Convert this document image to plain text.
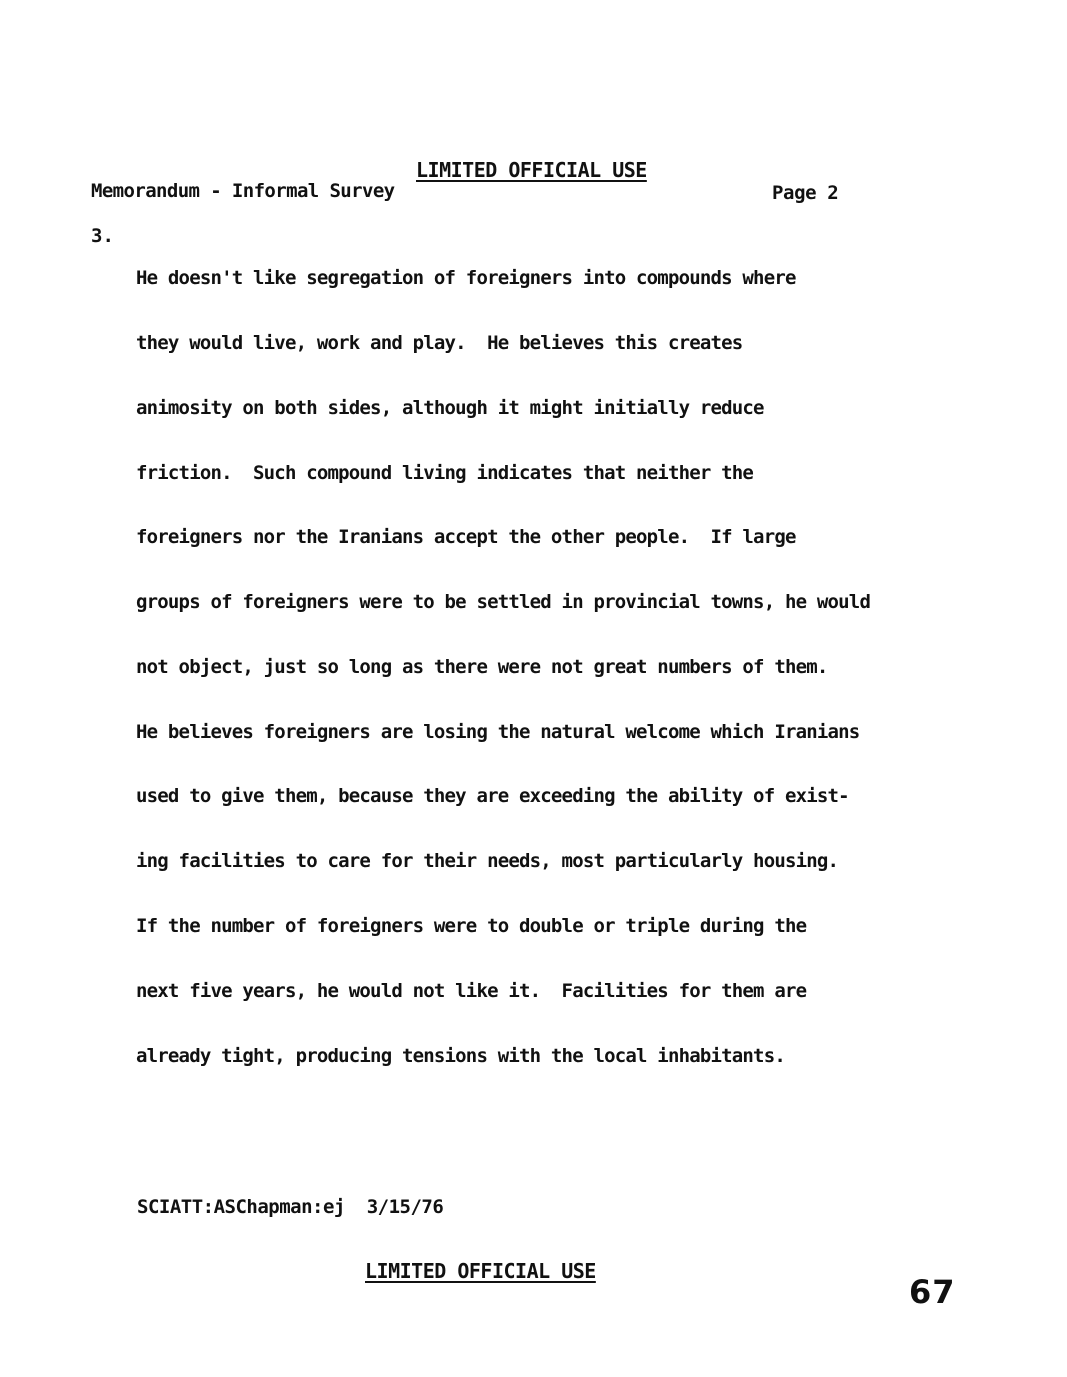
LIMITED OFFICIAL USE
Memorandum - Informal Survey	Page 2
3.

He doesn't like segregation of foreigners into compounds where

they would live, work and play.  He believes this creates

animosity on both sides, although it might initially reduce

friction.  Such compound living indicates that neither the

foreigners nor the Iranians accept the other people.  If large

groups of foreigners were to be settled in provincial towns, he would

not object, just so long as there were not great numbers of them.

He believes foreigners are losing the natural welcome which Iranians

used to give them, because they are exceeding the ability of exist-

ing facilities to care for their needs, most particularly housing.

If the number of foreigners were to double or triple during the

next five years, he would not like it.  Facilities for them are

already tight, producing tensions with the local inhabitants.

SCIATT:ASChapman:ej  3/15/76
LIMITED OFFICIAL USE
67
